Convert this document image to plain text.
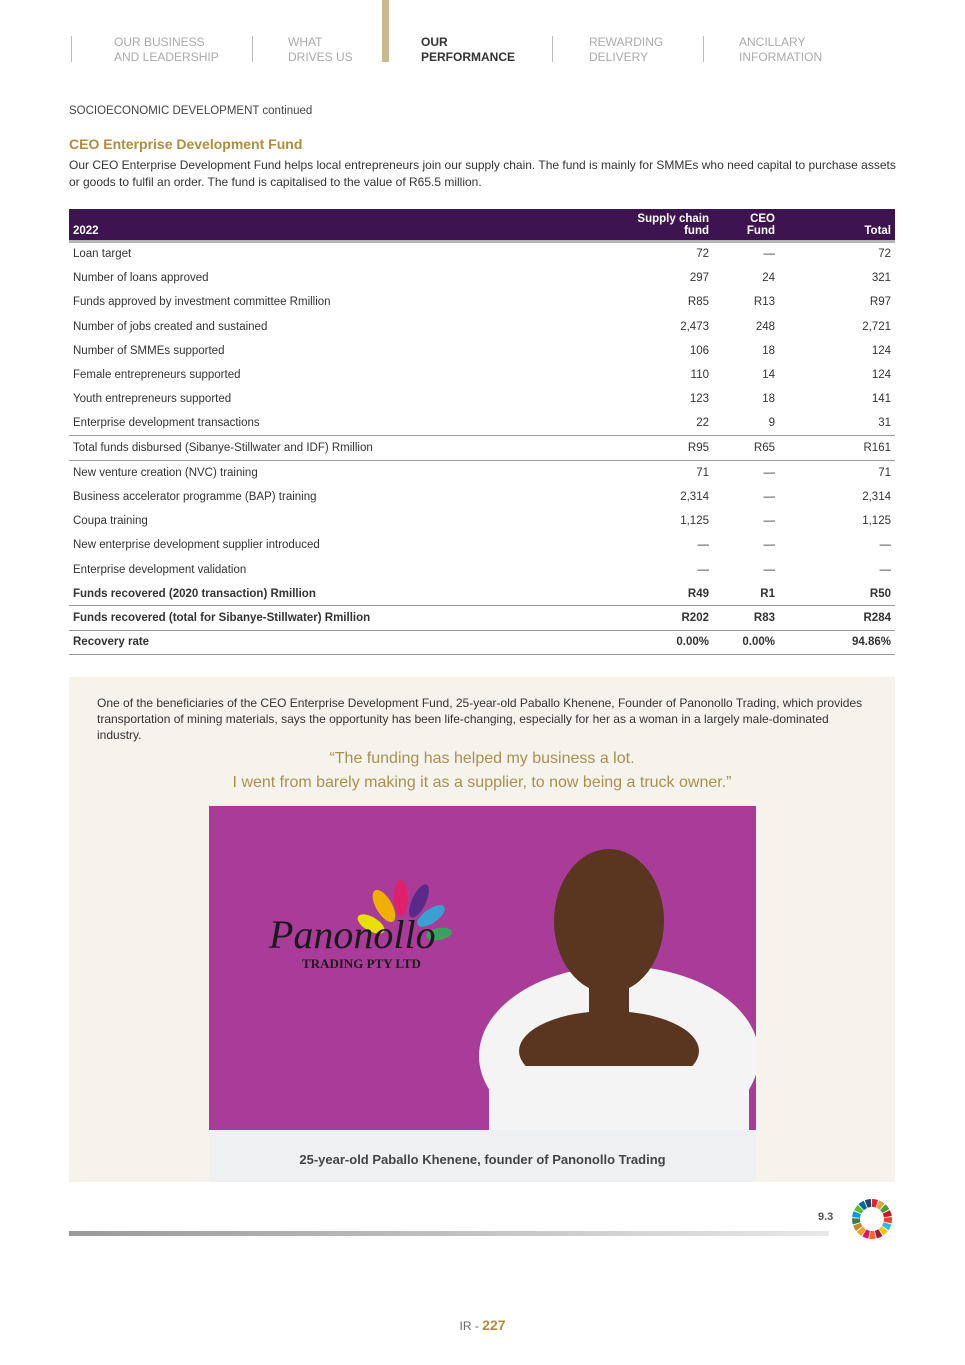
OUR BUSINESS
AND LEADERSHIP
WHAT
DRIVES US
OUR
PERFORMANCE
REWARDING
DELIVERY
ANCILLARY
INFORMATION
SOCIOECONOMIC DEVELOPMENT continued
CEO Enterprise Development Fund
Our CEO Enterprise Development Fund helps local entrepreneurs join our supply chain. The fund is mainly for SMMEs who need capital to purchase assets or goods to fulfil an order. The fund is capitalised to the value of R65.5 million.
2022	Supply chain fund	CEO Fund	Total
Loan target	72	—	72
Number of loans approved	297	24	321
Funds approved by investment committee Rmillion	R85	R13	R97
Number of jobs created and sustained	2,473	248	2,721
Number of SMMEs supported	106	18	124
Female entrepreneurs supported	110	14	124
Youth entrepreneurs supported	123	18	141
Enterprise development transactions	22	9	31
Total funds disbursed (Sibanye-Stillwater and IDF) Rmillion	R95	R65	R161
New venture creation (NVC) training	71	—	71
Business accelerator programme (BAP) training	2,314	—	2,314
Coupa training	1,125	—	1,125
New enterprise development supplier introduced	—	—	—
Enterprise development validation	—	—	—
Funds recovered (2020 transaction) Rmillion	R49	R1	R50
Funds recovered (total for Sibanye-Stillwater) Rmillion	R202	R83	R284
Recovery rate	0.00%	0.00%	94.86%
One of the beneficiaries of the CEO Enterprise Development Fund, 25-year-old Paballo Khenene, Founder of Panonollo Trading, which provides transportation of mining materials, says the opportunity has been life-changing, especially for her as a woman in a largely male-dominated industry.
“The funding has helped my business a lot.
I went from barely making it as a supplier, to now being a truck owner.”
Panonollo
TRADING PTY LTD
25-year-old Paballo Khenene, founder of Panonollo Trading
9.3
IR - 227
